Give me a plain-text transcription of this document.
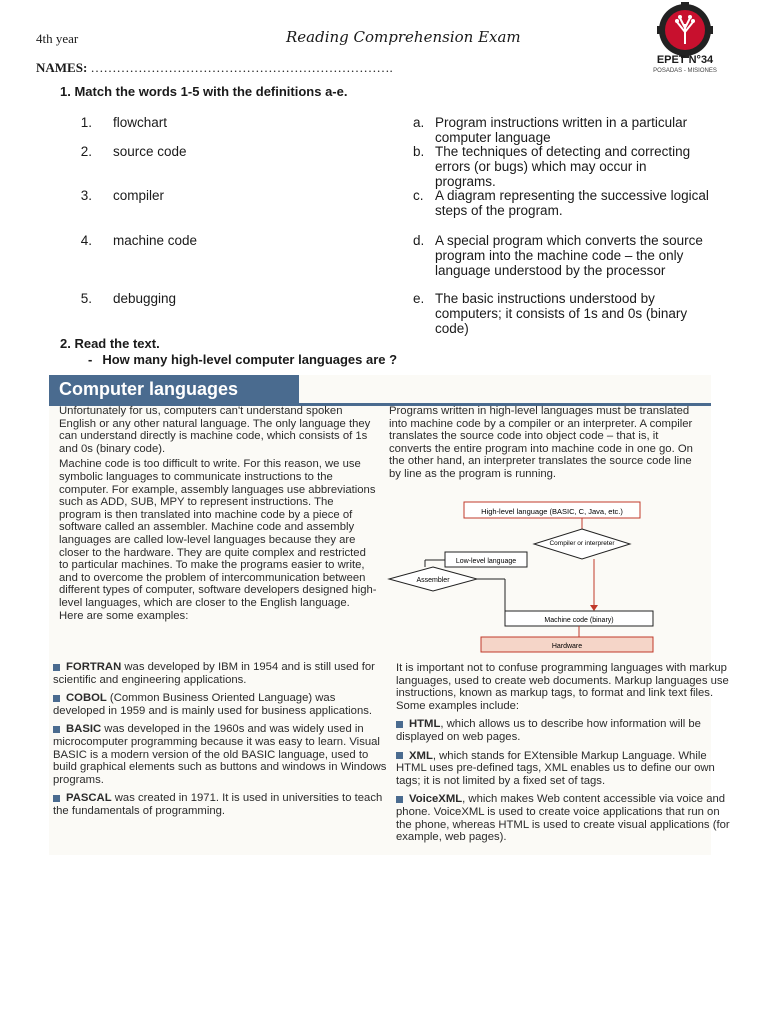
4th year	Reading Comprehension Exam
NAMES: …………………………………………………………….	EPET N°34
POSADAS - MISIONES
1. Match the words 1-5 with the definitions a-e.
1. flowchart
2. source code
3. compiler
4. machine code
5. debugging
a. Program instructions written in a particular computer language
b. The techniques of detecting and correcting errors (or bugs) which may occur in programs.
c. A diagram representing the successive logical steps of the program.
d. A special program which converts the source program into the machine code – the only language understood by the processor
e. The basic instructions understood by computers; it consists of 1s and 0s (binary code)
2. Read the text.
- How many high-level computer languages are ?
Computer languages

Unfortunately for us, computers can't understand spoken English or any other natural language. The only language they can understand directly is machine code, which consists of 1s and 0s (binary code).

Machine code is too difficult to write. For this reason, we use symbolic languages to communicate instructions to the computer. For example, assembly languages use abbreviations such as ADD, SUB, MPY to represent instructions. The program is then translated into machine code by a piece of software called an assembler. Machine code and assembly languages are called low-level languages because they are closer to the hardware. They are quite complex and restricted to particular machines. To make the programs easier to write, and to overcome the problem of intercommunication between different types of computer, software developers designed high-level languages, which are closer to the English language. Here are some examples:

Programs written in high-level languages must be translated into machine code by a compiler or an interpreter. A compiler translates the source code into object code – that is, it converts the entire program into machine code in one go. On the other hand, an interpreter translates the source code line by line as the program is running.

High-level language (BASIC, C, Java, etc.)
Compiler or interpreter
Low-level language
Assembler
Machine code (binary)
Hardware

FORTRAN was developed by IBM in 1954 and is still used for scientific and engineering applications.

COBOL (Common Business Oriented Language) was developed in 1959 and is mainly used for business applications.

BASIC was developed in the 1960s and was widely used in microcomputer programming because it was easy to learn. Visual BASIC is a modern version of the old BASIC language, used to build graphical elements such as buttons and windows in Windows programs.

PASCAL was created in 1971. It is used in universities to teach the fundamentals of programming.

It is important not to confuse programming languages with markup languages, used to create web documents. Markup languages use instructions, known as markup tags, to format and link text files. Some examples include:

HTML, which allows us to describe how information will be displayed on web pages.

XML, which stands for EXtensible Markup Language. While HTML uses pre-defined tags, XML enables us to define our own tags; it is not limited by a fixed set of tags.

VoiceXML, which makes Web content accessible via voice and phone. VoiceXML is used to create voice applications that run on the phone, whereas HTML is used to create visual applications (for example, web pages).
